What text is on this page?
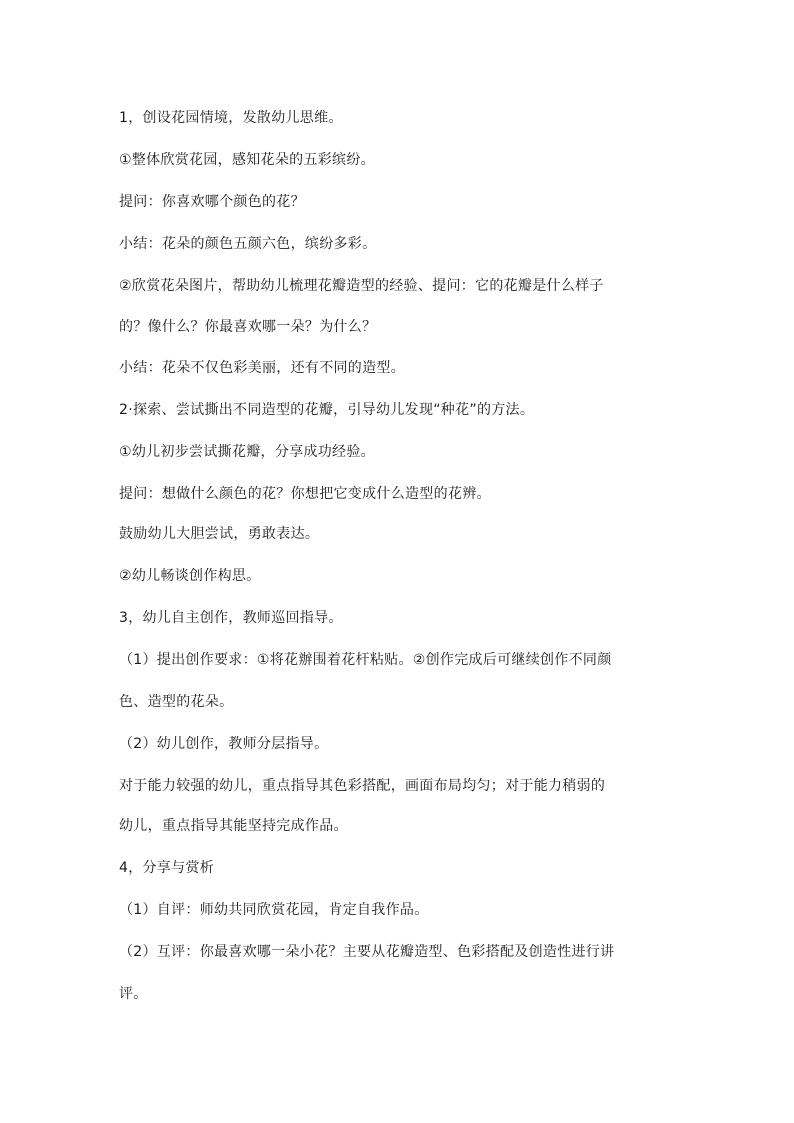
1，创设花园情境，发散幼儿思维。
①整体欣赏花园，感知花朵的五彩缤纷。
提问：你喜欢哪个颜色的花？
小结：花朵的颜色五颜六色，缤纷多彩。
②欣赏花朵图片，帮助幼儿梳理花瓣造型的经验、提问：它的花瓣是什么样子
的？像什么？你最喜欢哪一朵？为什么？
小结：花朵不仅色彩美丽，还有不同的造型。
2·探索、尝试撕出不同造型的花瓣，引导幼儿发现“种花”的方法。
①幼儿初步尝试撕花瓣，分享成功经验。
提问：想做什么颜色的花？你想把它变成什么造型的花辨。
鼓励幼儿大胆尝试，勇敢表达。
②幼儿畅谈创作构思。
3，幼儿自主创作，教师巡回指导。
（1）提出创作要求：①将花辦围着花杆粘贴。②创作完成后可继续创作不同颜
色、造型的花朵。
（2）幼儿创作，教师分层指导。
对于能力较强的幼儿，重点指导其色彩搭配，画面布局均匀；对于能力稍弱的
幼儿，重点指导其能坚持完成作品。
4，分享与赏析
（1）自评：师幼共同欣赏花园，肯定自我作品。
（2）互评：你最喜欢哪一朵小花？主要从花瓣造型、色彩搭配及创造性进行讲
评。
